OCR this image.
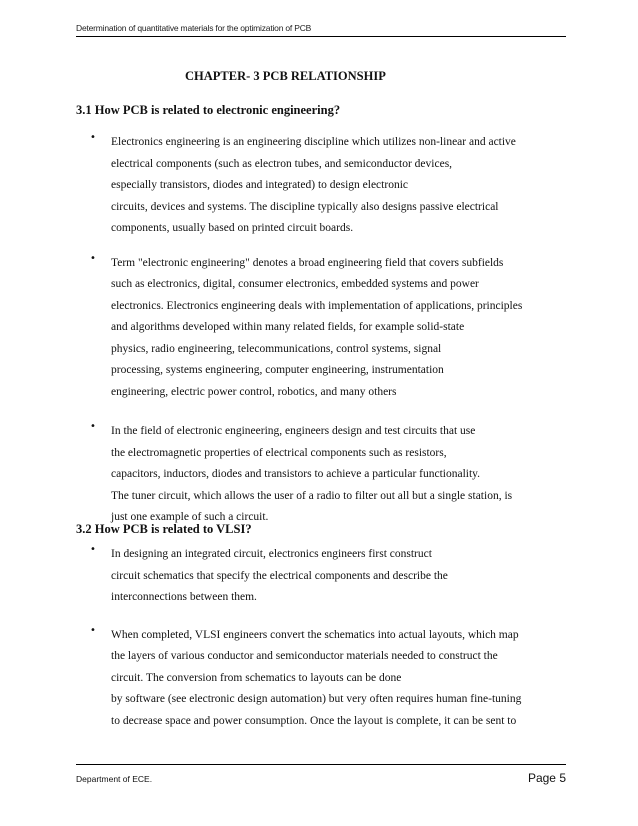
Determination of quantitative materials for the optimization of PCB
CHAPTER- 3 PCB RELATIONSHIP
3.1 How PCB is related to electronic engineering?
• Electronics engineering is an engineering discipline which utilizes non-linear and active
electrical components (such as electron tubes, and semiconductor devices,
especially transistors, diodes and integrated) to design electronic
circuits, devices and systems. The discipline typically also designs passive electrical
components, usually based on printed circuit boards.
• Term "electronic engineering" denotes a broad engineering field that covers subfields
such as electronics, digital, consumer electronics, embedded systems and power
electronics. Electronics engineering deals with implementation of applications, principles
and algorithms developed within many related fields, for example solid-state
physics, radio engineering, telecommunications, control systems, signal
processing, systems engineering, computer engineering, instrumentation
engineering, electric power control, robotics, and many others
• In the field of electronic engineering, engineers design and test circuits that use
the electromagnetic properties of electrical components such as resistors,
capacitors, inductors, diodes and transistors to achieve a particular functionality.
The tuner circuit, which allows the user of a radio to filter out all but a single station, is
just one example of such a circuit.
3.2 How PCB is related to VLSI?
• In designing an integrated circuit, electronics engineers first construct
circuit schematics that specify the electrical components and describe the
interconnections between them.
• When completed, VLSI engineers convert the schematics into actual layouts, which map
the layers of various conductor and semiconductor materials needed to construct the
circuit. The conversion from schematics to layouts can be done
by software (see electronic design automation) but very often requires human fine-tuning
to decrease space and power consumption. Once the layout is complete, it can be sent to
Department of ECE.	Page 5
